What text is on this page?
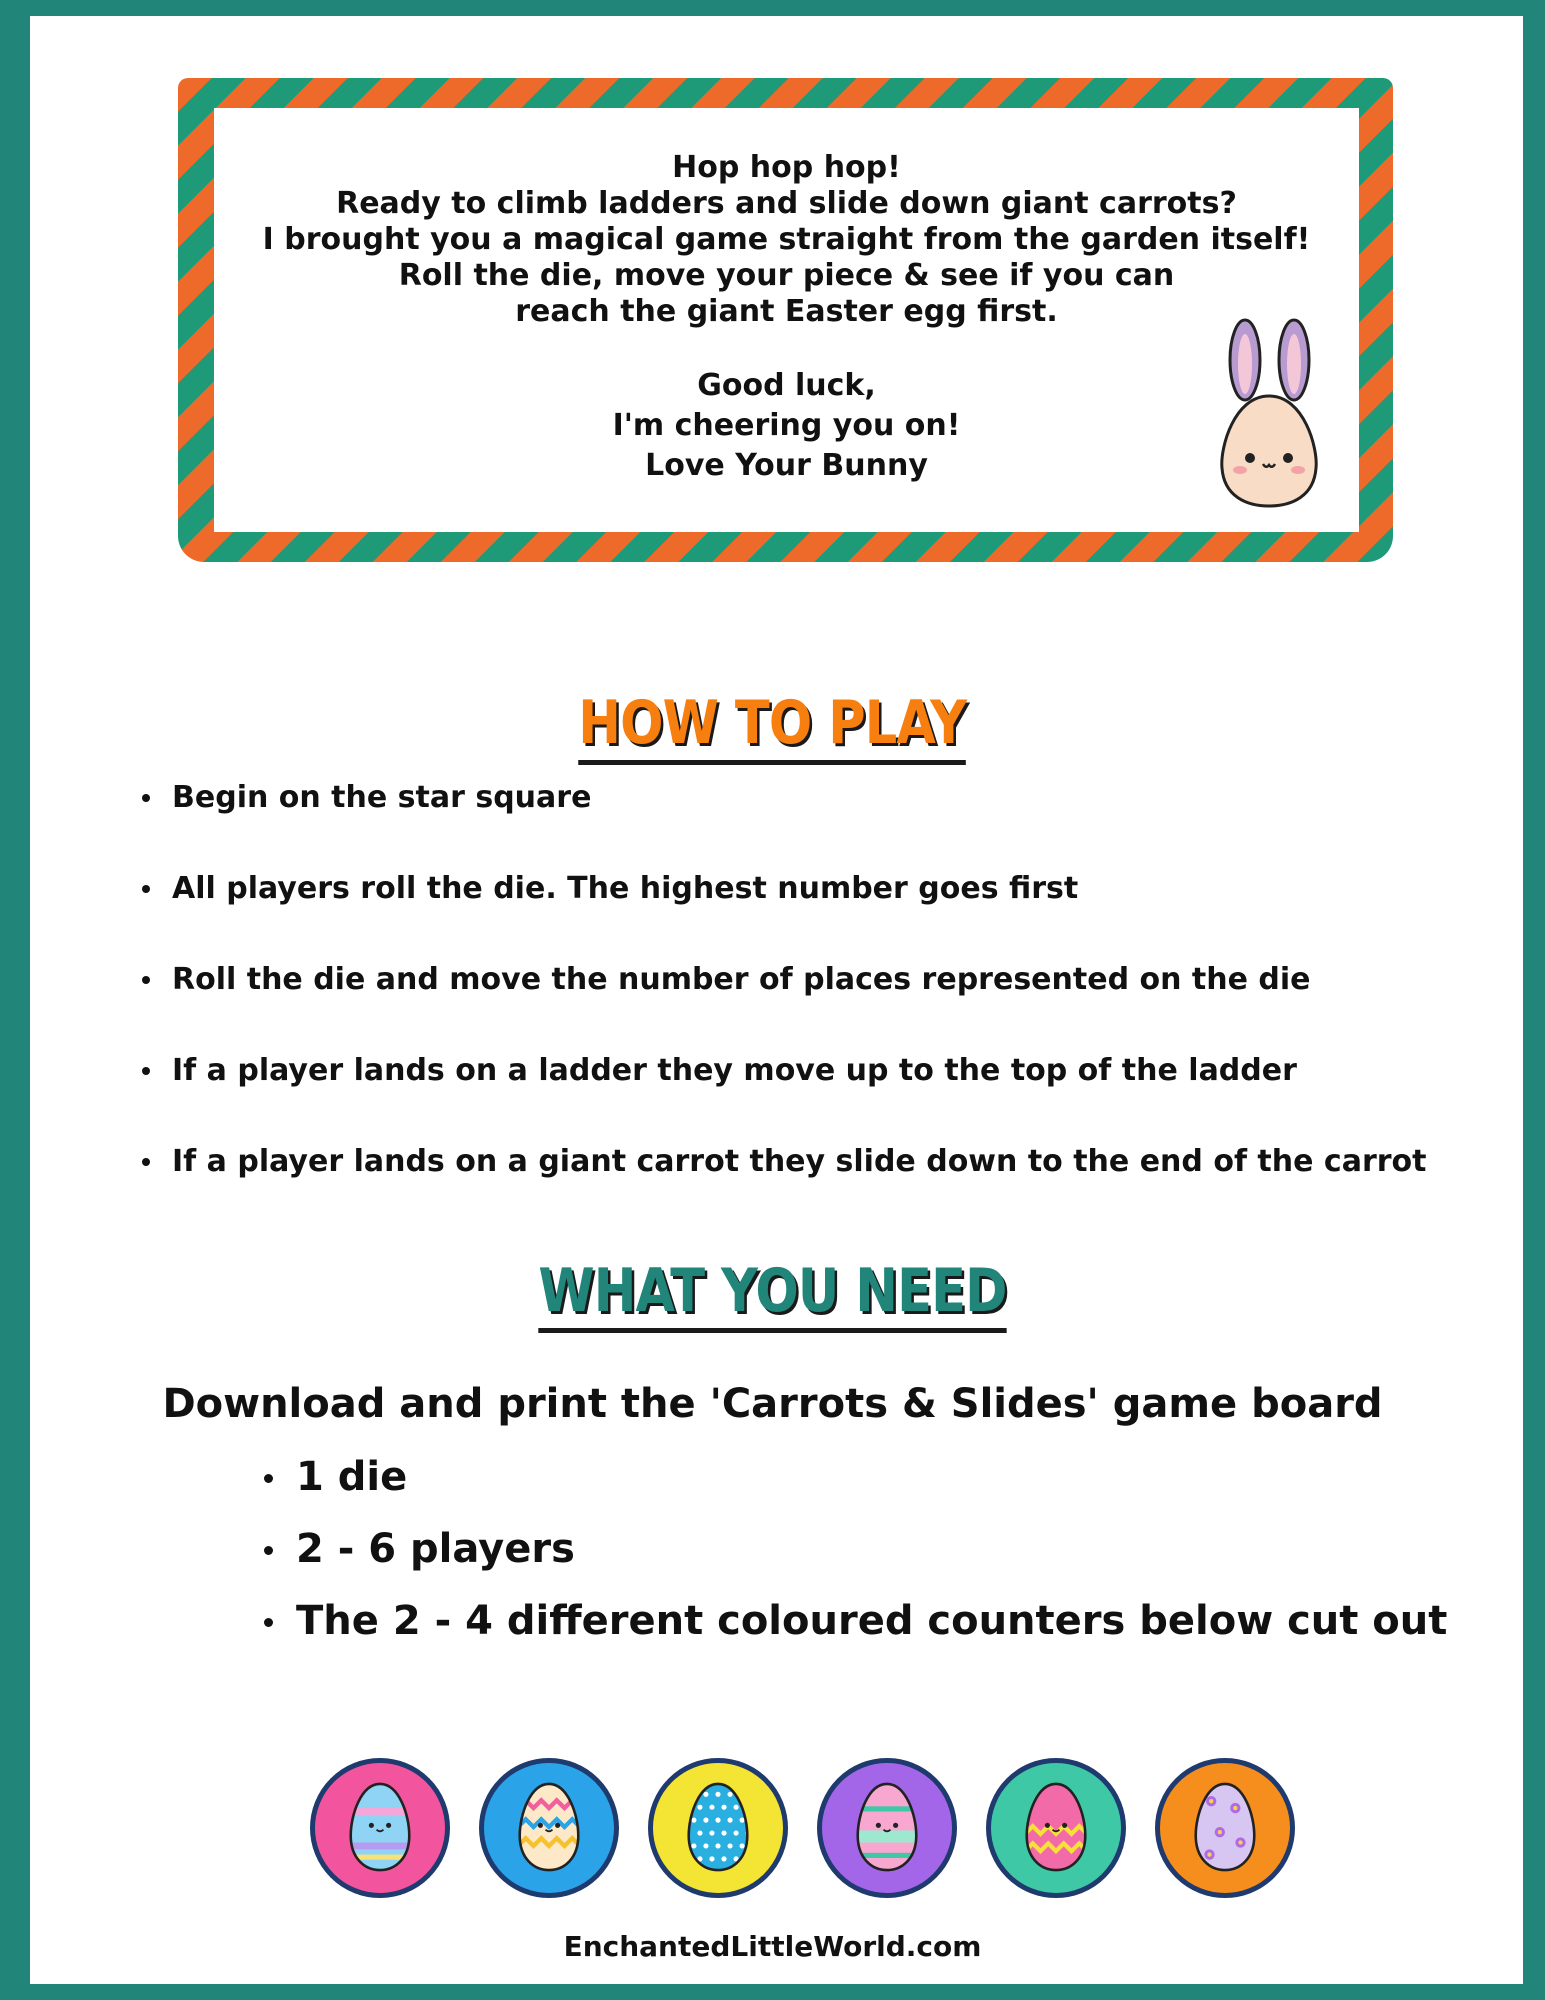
Hop hop hop!
Ready to climb ladders and slide down giant carrots?
I brought you a magical game straight from the garden itself!
Roll the die, move your piece & see if you can
reach the giant Easter egg first.
Good luck,
I'm cheering you on!
Love Your Bunny
HOW TO PLAY
Begin on the star square
All players roll the die. The highest number goes first
Roll the die and move the number of places represented on the die
If a player lands on a ladder they move up to the top of the ladder
If a player lands on a giant carrot they slide down to the end of the carrot
WHAT YOU NEED
Download and print the 'Carrots & Slides' game board
1 die
2 - 6 players
The 2 - 4 different coloured counters below cut out
EnchantedLittleWorld.com
